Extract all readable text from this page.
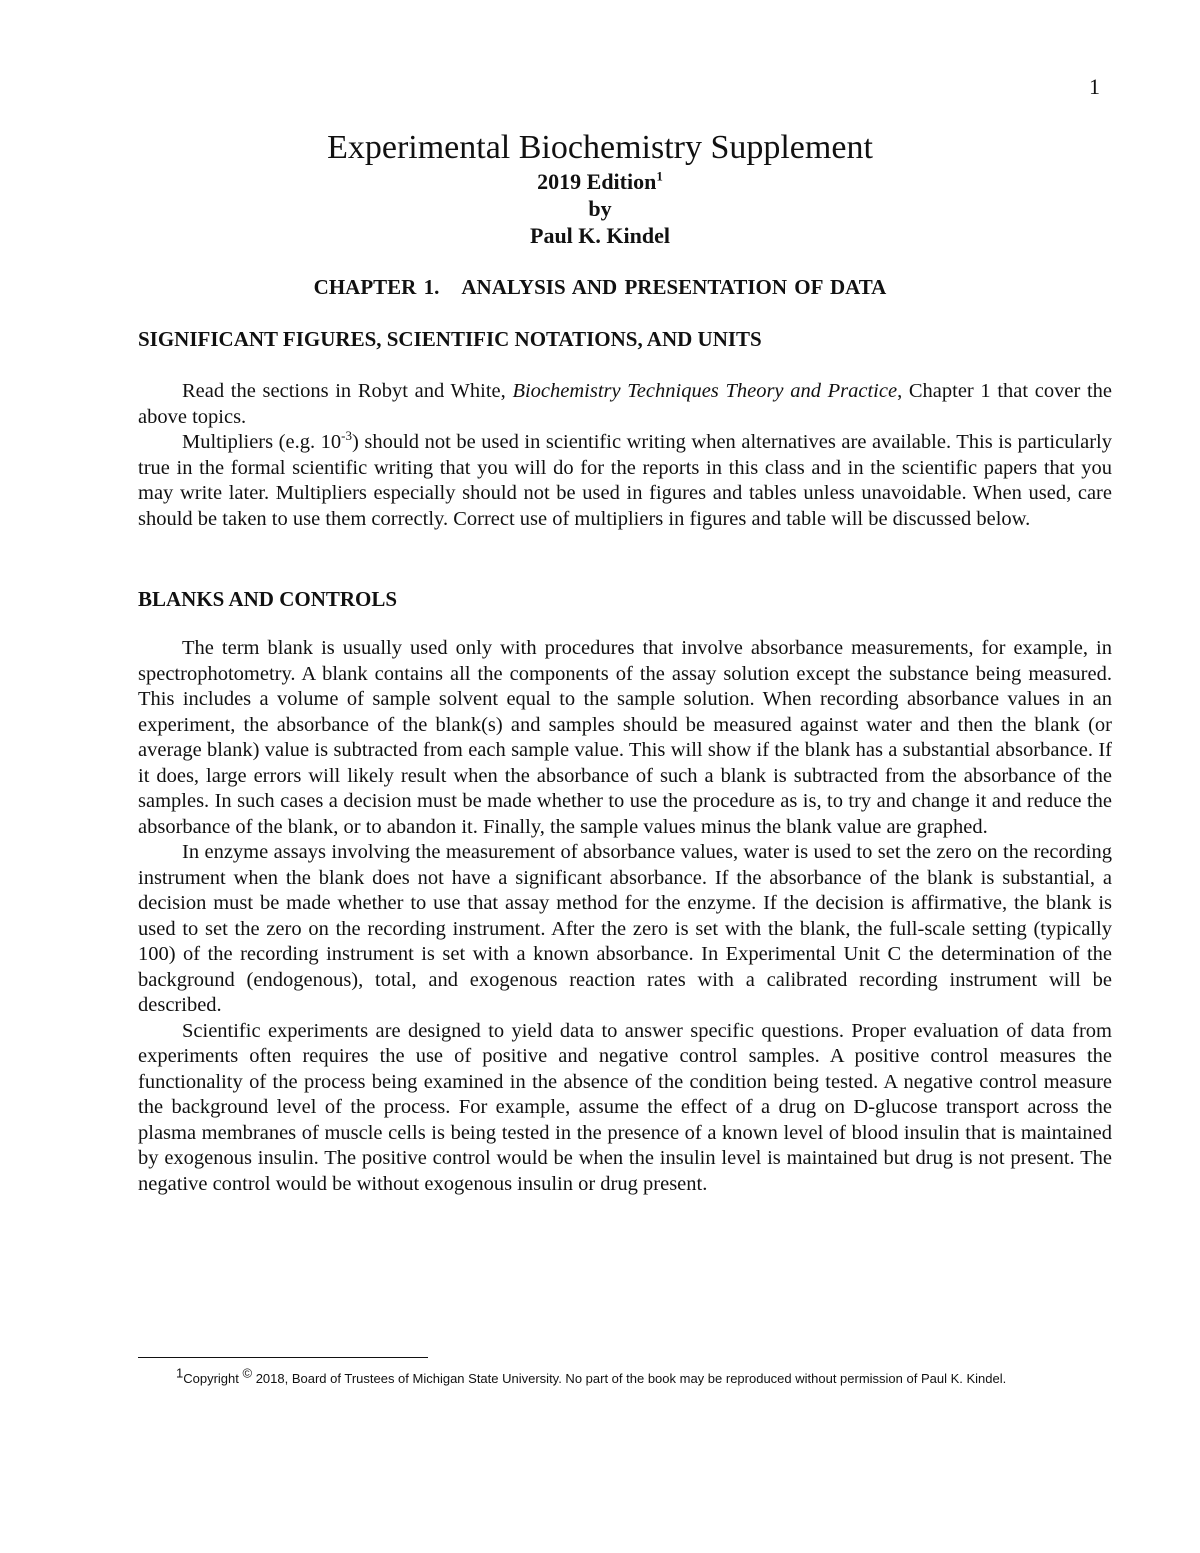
1
Experimental Biochemistry Supplement
2019 Edition$^1$
by
Paul K. Kindel
CHAPTER 1. ANALYSIS AND PRESENTATION OF DATA
SIGNIFICANT FIGURES, SCIENTIFIC NOTATIONS, AND UNITS

Read the sections in Robyt and White, Biochemistry Techniques Theory and Practice, Chapter 1 that cover the above topics.

Multipliers (e.g. $10^{-3}$) should not be used in scientific writing when alternatives are available. This is particularly true in the formal scientific writing that you will do for the reports in this class and in the scientific papers that you may write later. Multipliers especially should not be used in figures and tables unless unavoidable. When used, care should be taken to use them correctly. Correct use of multipliers in figures and table will be discussed below.

BLANKS AND CONTROLS

The term blank is usually used only with procedures that involve absorbance measurements, for example, in spectrophotometry. A blank contains all the components of the assay solution except the substance being measured. This includes a volume of sample solvent equal to the sample solution. When recording absorbance values in an experiment, the absorbance of the blank(s) and samples should be measured against water and then the blank (or average blank) value is subtracted from each sample value. This will show if the blank has a substantial absorbance. If it does, large errors will likely result when the absorbance of such a blank is subtracted from the absorbance of the samples. In such cases a decision must be made whether to use the procedure as is, to try and change it and reduce the absorbance of the blank, or to abandon it. Finally, the sample values minus the blank value are graphed.

In enzyme assays involving the measurement of absorbance values, water is used to set the zero on the recording instrument when the blank does not have a significant absorbance. If the absorbance of the blank is substantial, a decision must be made whether to use that assay method for the enzyme. If the decision is affirmative, the blank is used to set the zero on the recording instrument. After the zero is set with the blank, the full-scale setting (typically 100) of the recording instrument is set with a known absorbance. In Experimental Unit C the determination of the background (endogenous), total, and exogenous reaction rates with a calibrated recording instrument will be described.

Scientific experiments are designed to yield data to answer specific questions. Proper evaluation of data from experiments often requires the use of positive and negative control samples. A positive control measures the functionality of the process being examined in the absence of the condition being tested. A negative control measure the background level of the process. For example, assume the effect of a drug on D-glucose transport across the plasma membranes of muscle cells is being tested in the presence of a known level of blood insulin that is maintained by exogenous insulin. The positive control would be when the insulin level is maintained but drug is not present. The negative control would be without exogenous insulin or drug present.

1Copyright © 2018, Board of Trustees of Michigan State University. No part of the book may be reproduced without permission of Paul K. Kindel.
